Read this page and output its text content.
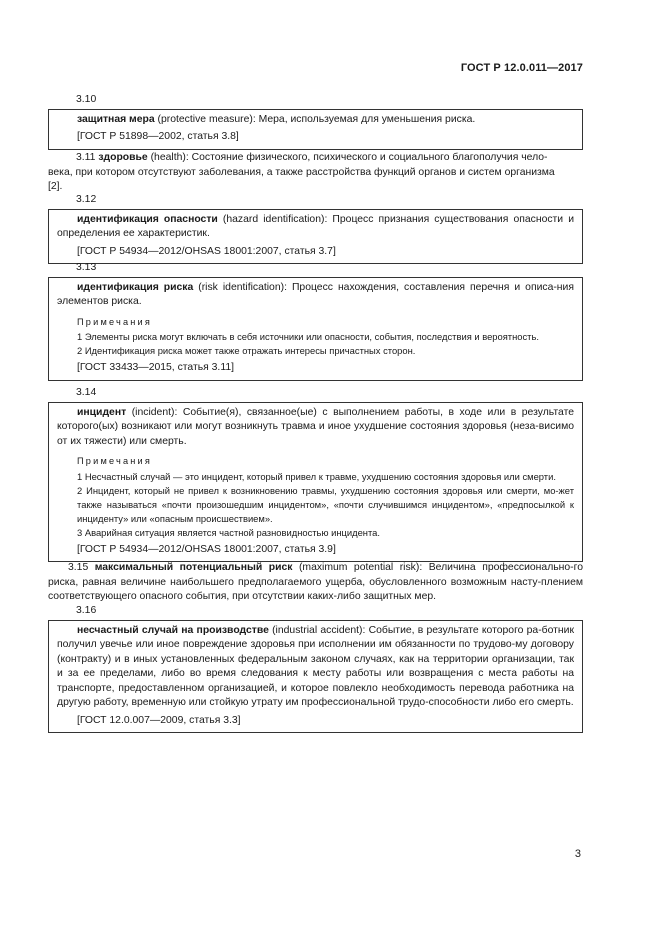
ГОСТ Р 12.0.011—2017
3.10
защитная мера (protective measure): Мера, используемая для уменьшения риска.
[ГОСТ Р 51898—2002, статья 3.8]
3.11 здоровье (health): Состояние физического, психического и социального благополучия чело-
века, при котором отсутствуют заболевания, а также расстройства функций органов и систем организма
[2].
3.12
идентификация опасности (hazard identification): Процесс признания существования опасности и определения ее характеристик.
[ГОСТ Р 54934—2012/OHSAS 18001:2007, статья 3.7]
3.13
идентификация риска (risk identification): Процесс нахождения, составления перечня и описа-ния элементов риска.
Примечания
1 Элементы риска могут включать в себя источники или опасности, события, последствия и вероятность.
2 Идентификация риска может также отражать интересы причастных сторон.
[ГОСТ 33433—2015, статья 3.11]
3.14
инцидент (incident): Событие(я), связанное(ые) с выполнением работы, в ходе или в результате которого(ых) возникают или могут возникнуть травма и иное ухудшение состояния здоровья (неза-висимо от их тяжести) или смерть.
Примечания
1 Несчастный случай — это инцидент, который привел к травме, ухудшению состояния здоровья или смерти.
2 Инцидент, который не привел к возникновению травмы, ухудшению состояния здоровья или смерти, мо-жет также называться «почти произошедшим инцидентом», «почти случившимся инцидентом», «предпосылкой к инциденту» или «опасным происшествием».
3 Аварийная ситуация является частной разновидностью инцидента.
[ГОСТ Р 54934—2012/OHSAS 18001:2007, статья 3.9]
3.15 максимальный потенциальный риск (maximum potential risk): Величина профессионально-го риска, равная величине наибольшего предполагаемого ущерба, обусловленного возможным насту-плением соответствующего опасного события, при отсутствии каких-либо защитных мер.
3.16
несчастный случай на производстве (industrial accident): Событие, в результате которого ра-ботник получил увечье или иное повреждение здоровья при исполнении им обязанности по трудово-му договору (контракту) и в иных установленных федеральным законом случаях, как на территории организации, так и за ее пределами, либо во время следования к месту работы или возвращения с места работы на транспорте, предоставленном организацией, и которое повлекло необходимость перевода работника на другую работу, временную или стойкую утрату им профессиональной трудо-способности либо его смерть.
[ГОСТ 12.0.007—2009, статья 3.3]
3
